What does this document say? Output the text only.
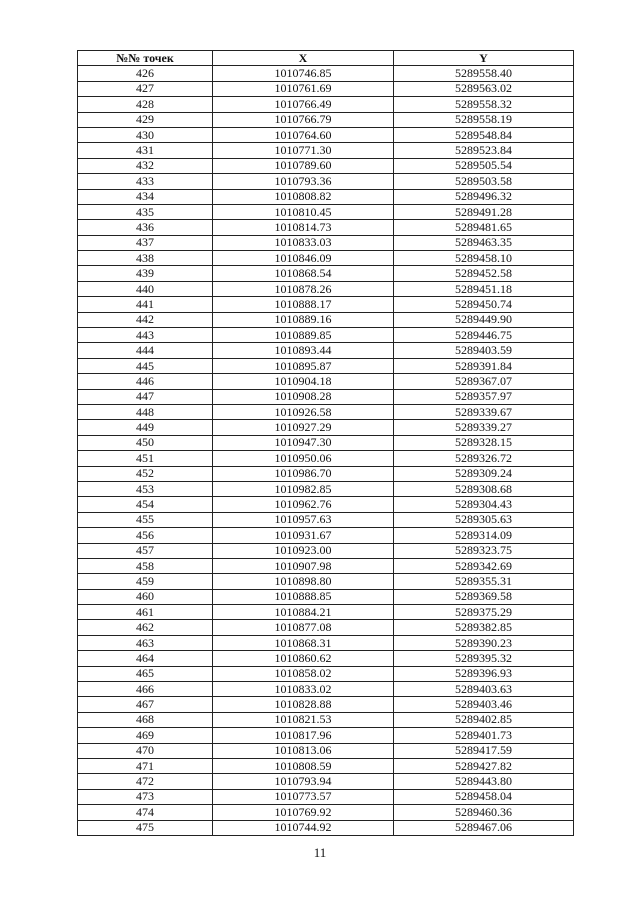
№№ точек	X	Y
426	1010746.85	5289558.40
427	1010761.69	5289563.02
428	1010766.49	5289558.32
429	1010766.79	5289558.19
430	1010764.60	5289548.84
431	1010771.30	5289523.84
432	1010789.60	5289505.54
433	1010793.36	5289503.58
434	1010808.82	5289496.32
435	1010810.45	5289491.28
436	1010814.73	5289481.65
437	1010833.03	5289463.35
438	1010846.09	5289458.10
439	1010868.54	5289452.58
440	1010878.26	5289451.18
441	1010888.17	5289450.74
442	1010889.16	5289449.90
443	1010889.85	5289446.75
444	1010893.44	5289403.59
445	1010895.87	5289391.84
446	1010904.18	5289367.07
447	1010908.28	5289357.97
448	1010926.58	5289339.67
449	1010927.29	5289339.27
450	1010947.30	5289328.15
451	1010950.06	5289326.72
452	1010986.70	5289309.24
453	1010982.85	5289308.68
454	1010962.76	5289304.43
455	1010957.63	5289305.63
456	1010931.67	5289314.09
457	1010923.00	5289323.75
458	1010907.98	5289342.69
459	1010898.80	5289355.31
460	1010888.85	5289369.58
461	1010884.21	5289375.29
462	1010877.08	5289382.85
463	1010868.31	5289390.23
464	1010860.62	5289395.32
465	1010858.02	5289396.93
466	1010833.02	5289403.63
467	1010828.88	5289403.46
468	1010821.53	5289402.85
469	1010817.96	5289401.73
470	1010813.06	5289417.59
471	1010808.59	5289427.82
472	1010793.94	5289443.80
473	1010773.57	5289458.04
474	1010769.92	5289460.36
475	1010744.92	5289467.06
11
